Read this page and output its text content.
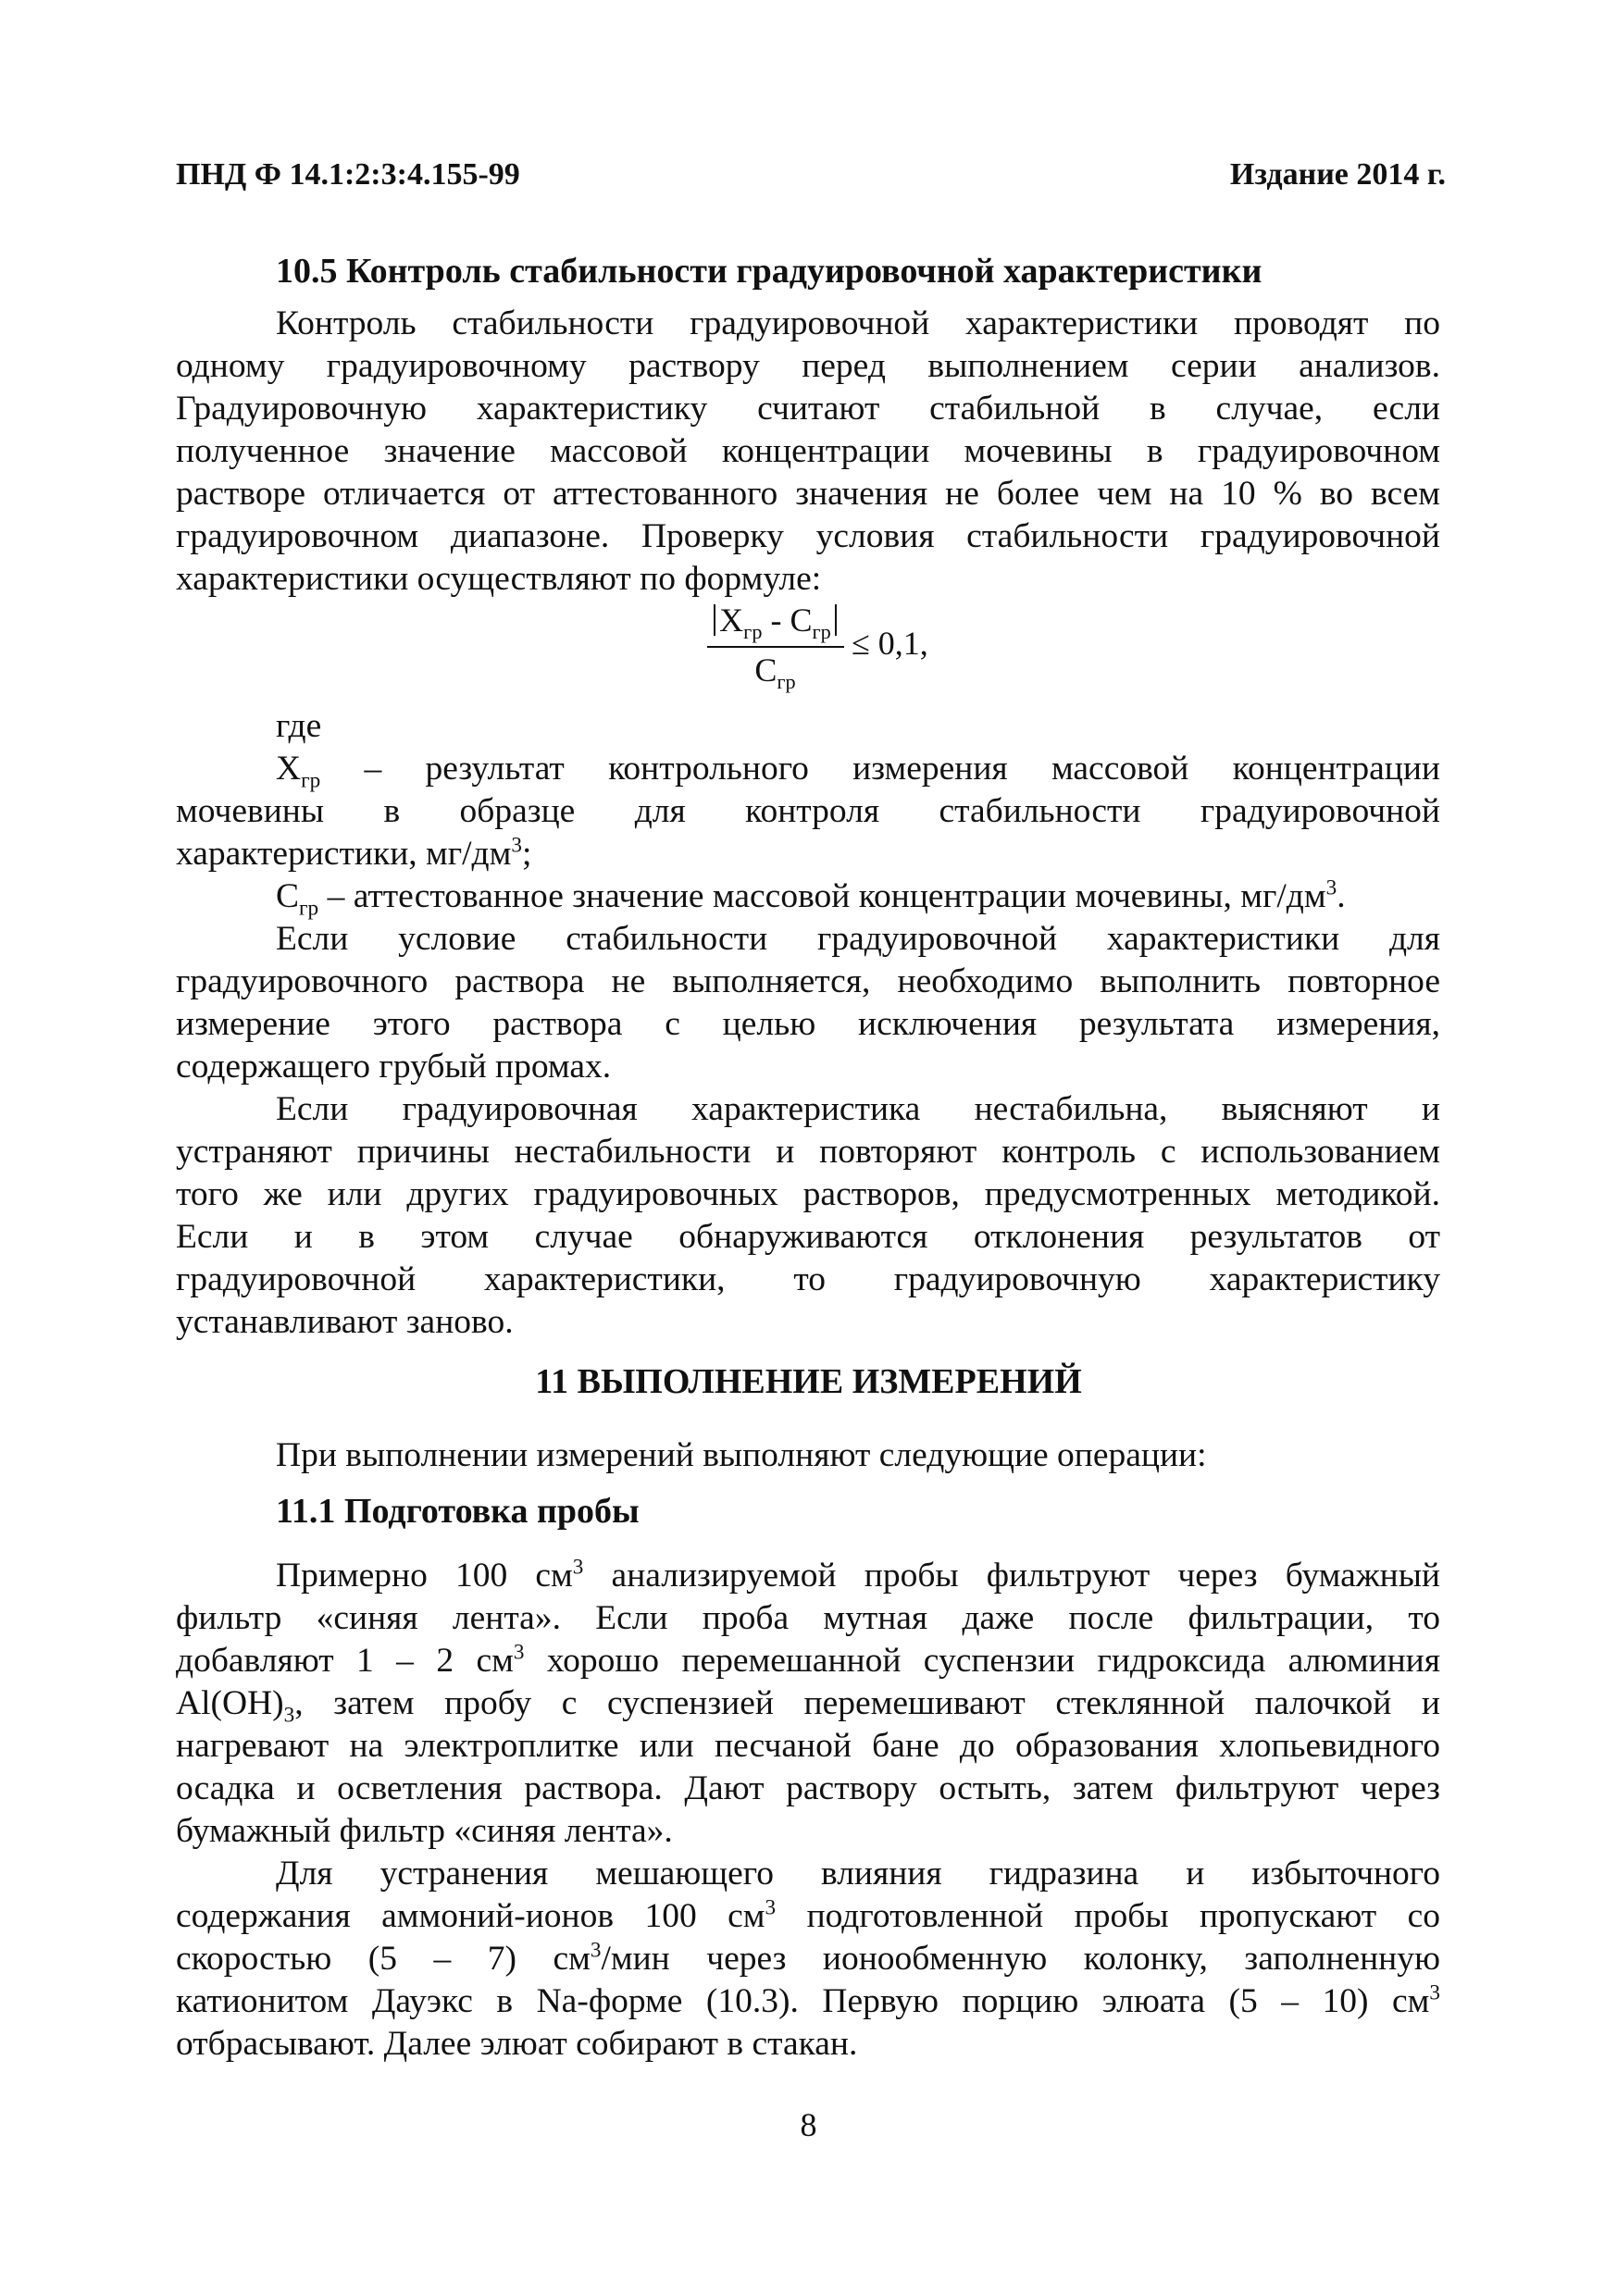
ПНД Ф 14.1:2:3:4.155-99	Издание 2014 г.
10.5 Контроль стабильности градуировочной характеристики
Контроль стабильности градуировочной характеристики проводят по
одному градуировочному раствору перед выполнением серии анализов.
Градуировочную характеристику считают стабильной в случае, если
полученное значение массовой концентрации мочевины в градуировочном
растворе отличается от аттестованного значения не более чем на 10 % во всем
градуировочном диапазоне. Проверку условия стабильности градуировочной
характеристики осуществляют по формуле:
$X_{гр} - C_{гр}$
$C_{гр}$
≤ 0,1,
где
$X_{гр}$ – результат контрольного измерения массовой концентрации
мочевины в образце для контроля стабильности градуировочной
характеристики, $мг/дм^3$;
$С_{гр}$ – аттестованное значение массовой концентрации мочевины, $мг/дм^3$.
Если условие стабильности градуировочной характеристики для
градуировочного раствора не выполняется, необходимо выполнить повторное
измерение этого раствора с целью исключения результата измерения,
содержащего грубый промах.
Если градуировочная характеристика нестабильна, выясняют и
устраняют причины нестабильности и повторяют контроль с использованием
того же или других градуировочных растворов, предусмотренных методикой.
Если и в этом случае обнаруживаются отклонения результатов от
градуировочной характеристики, то градуировочную характеристику
устанавливают заново.
11 ВЫПОЛНЕНИЕ ИЗМЕРЕНИЙ
При выполнении измерений выполняют следующие операции:
11.1 Подготовка пробы
Примерно 100 $см^3$ анализируемой пробы фильтруют через бумажный
фильтр «синяя лента». Если проба мутная даже после фильтрации, то
добавляют 1 – 2 $см^3$ хорошо перемешанной суспензии гидроксида алюминия
$Al(OH)_3$, затем пробу с суспензией перемешивают стеклянной палочкой и
нагревают на электроплитке или песчаной бане до образования хлопьевидного
осадка и осветления раствора. Дают раствору остыть, затем фильтруют через
бумажный фильтр «синяя лента».
Для устранения мешающего влияния гидразина и избыточного
содержания аммоний-ионов 100 $см^3$ подготовленной пробы пропускают со
скоростью (5 – 7) $см^3$/мин через ионообменную колонку, заполненную
катионитом Дауэкс в Na-форме (10.3). Первую порцию элюата (5 – 10) $см^3$
отбрасывают. Далее элюат собирают в стакан.
8
